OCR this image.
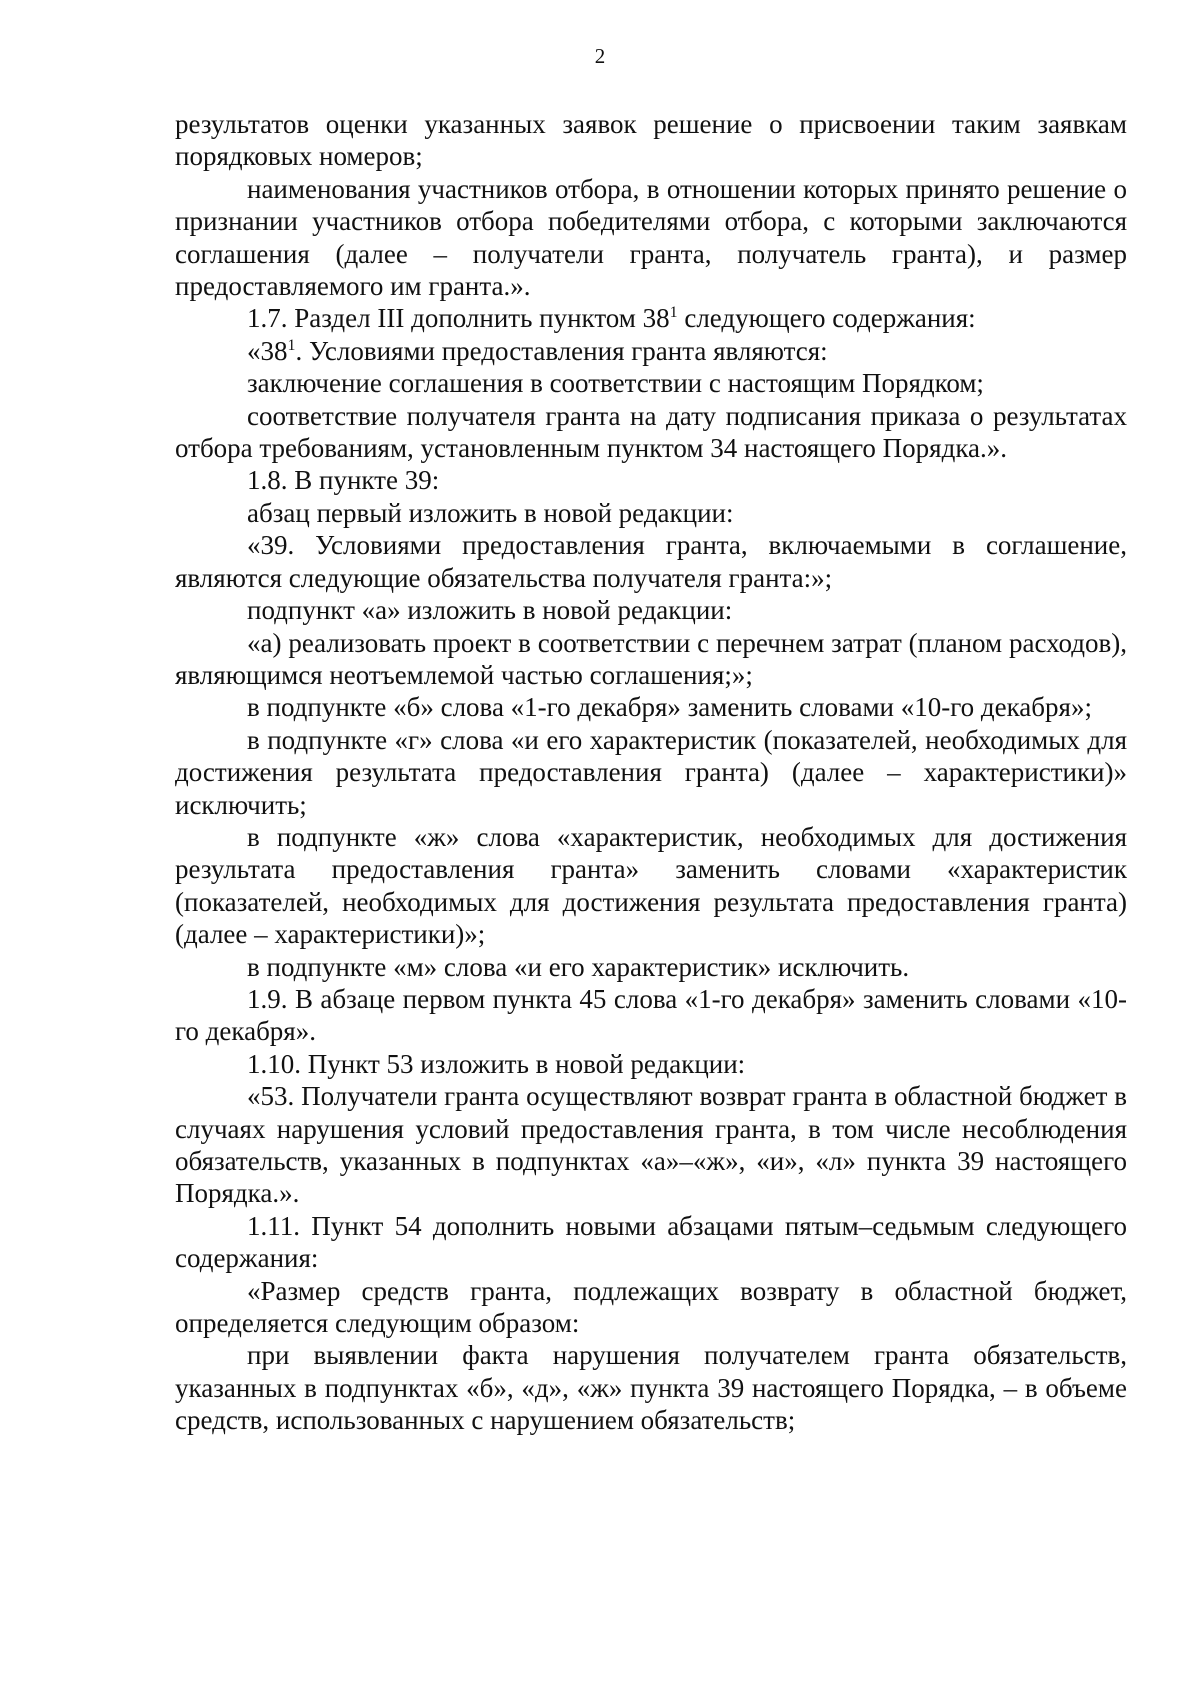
2

результатов оценки указанных заявок решение о присвоении таким заявкам порядковых номеров;

наименования участников отбора, в отношении которых принято решение о признании участников отбора победителями отбора, с которыми заключаются соглашения (далее – получатели гранта, получатель гранта), и размер предоставляемого им гранта.».

1.7. Раздел III дополнить пунктом $38^1$ следующего содержания:

«$38^1$. Условиями предоставления гранта являются:

заключение соглашения в соответствии с настоящим Порядком;

соответствие получателя гранта на дату подписания приказа о результатах отбора требованиям, установленным пунктом 34 настоящего Порядка.».

1.8. В пункте 39:

абзац первый изложить в новой редакции:

«39. Условиями предоставления гранта, включаемыми в соглашение, являются следующие обязательства получателя гранта:»;

подпункт «а» изложить в новой редакции:

«а) реализовать проект в соответствии с перечнем затрат (планом расходов), являющимся неотъемлемой частью соглашения;»;

в подпункте «б» слова «1-го декабря» заменить словами «10-го декабря»;

в подпункте «г» слова «и его характеристик (показателей, необходимых для достижения результата предоставления гранта) (далее – характеристики)» исключить;

в подпункте «ж» слова «характеристик, необходимых для достижения результата предоставления гранта» заменить словами «характеристик (показателей, необходимых для достижения результата предоставления гранта) (далее – характеристики)»;

в подпункте «м» слова «и его характеристик» исключить.

1.9. В абзаце первом пункта 45 слова «1-го декабря» заменить словами «10-го декабря».

1.10. Пункт 53 изложить в новой редакции:

«53. Получатели гранта осуществляют возврат гранта в областной бюджет в случаях нарушения условий предоставления гранта, в том числе несоблюдения обязательств, указанных в подпунктах «а»–«ж», «и», «л» пункта 39 настоящего Порядка.».

1.11. Пункт 54 дополнить новыми абзацами пятым–седьмым следующего содержания:

«Размер средств гранта, подлежащих возврату в областной бюджет, определяется следующим образом:

при выявлении факта нарушения получателем гранта обязательств, указанных в подпунктах «б», «д», «ж» пункта 39 настоящего Порядка, – в объеме средств, использованных с нарушением обязательств;
